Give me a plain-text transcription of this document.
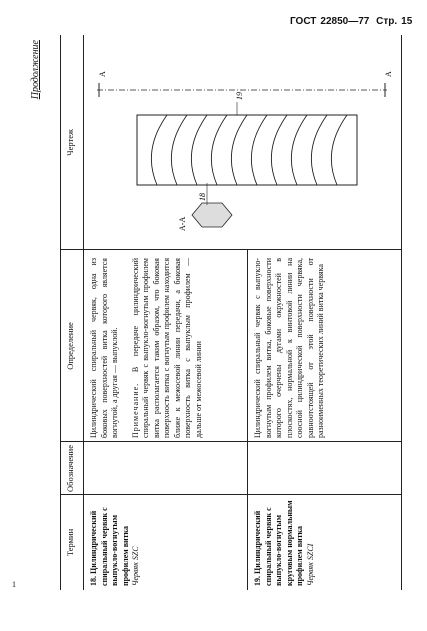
ГОСТ 22850—77 Стр. 15
1
Продолжение
Термин
Обозначение
Определение
Чертеж
18. Цилиндрический спиральный червяк с выпукло-вогнутым профилем витка Червяк SZC
Цилиндрический спиральный червяк, одна из боковых поверхностей витка которого является вогнутой, а другая — выпуклой. Примечание. В передаче цилиндрический спиральный червяк с выпукло-вогнутым профилем витка располагается таким образом, что боковая поверхность витка с вогнутым профилем находится ближе к межосевой линии передачи, а боковая поверхность витка с выпуклым профилем — дальше от межосевой линии
19. Цилиндрический спиральный червяк с выпукло-вогнутым круговым нормальным профилем витка Червяк SZCI
Цилиндрический спиральный червяк с выпукло-вогнутым профилем витка, боковые поверхности которого очерчены дугами окружностей в плоскостях, нормальной к винтовой линии на соосной цилиндрической поверхности червяка, равноотстоящей от этой поверхности от разноименных теоретических линий витка червяка
А	А
А-А
18
19
